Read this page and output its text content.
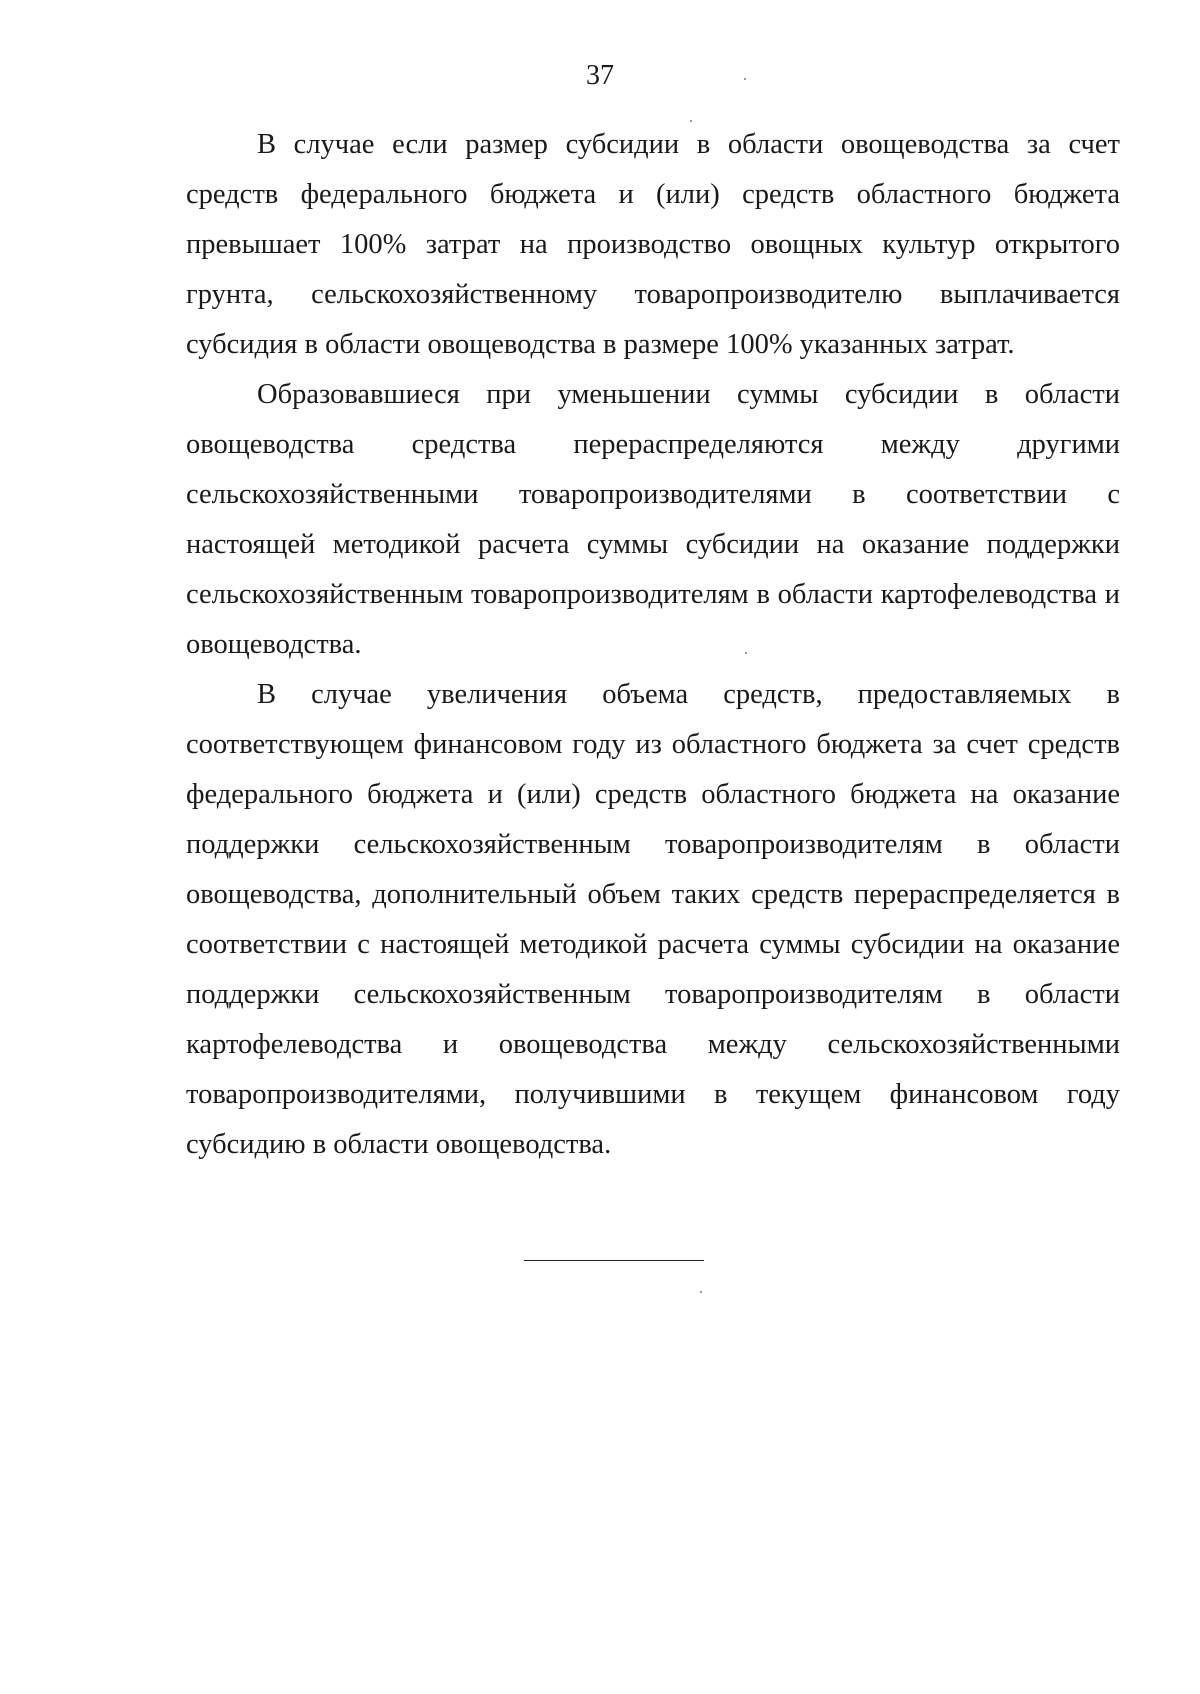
37

В случае если размер субсидии в области овощеводства за счет средств федерального бюджета и (или) средств областного бюджета превышает 100% затрат на производство овощных культур открытого грунта, сельскохозяйственному товаропроизводителю выплачивается субсидия в области овощеводства в размере 100% указанных затрат.

Образовавшиеся при уменьшении суммы субсидии в области овощеводства средства перераспределяются между другими сельскохозяйственными товаропроизводителями в соответствии с настоящей методикой расчета суммы субсидии на оказание поддержки сельскохозяйственным товаропроизводителям в области картофелеводства и овощеводства.

В случае увеличения объема средств, предоставляемых в соответствующем финансовом году из областного бюджета за счет средств федерального бюджета и (или) средств областного бюджета на оказание поддержки сельскохозяйственным товаропроизводителям в области овощеводства, дополнительный объем таких средств перераспределяется в соответствии с настоящей методикой расчета суммы субсидии на оказание поддержки сельскохозяйственным товаропроизводителям в области картофелеводства и овощеводства между сельскохозяйственными товаропроизводителями, получившими в текущем финансовом году субсидию в области овощеводства.
